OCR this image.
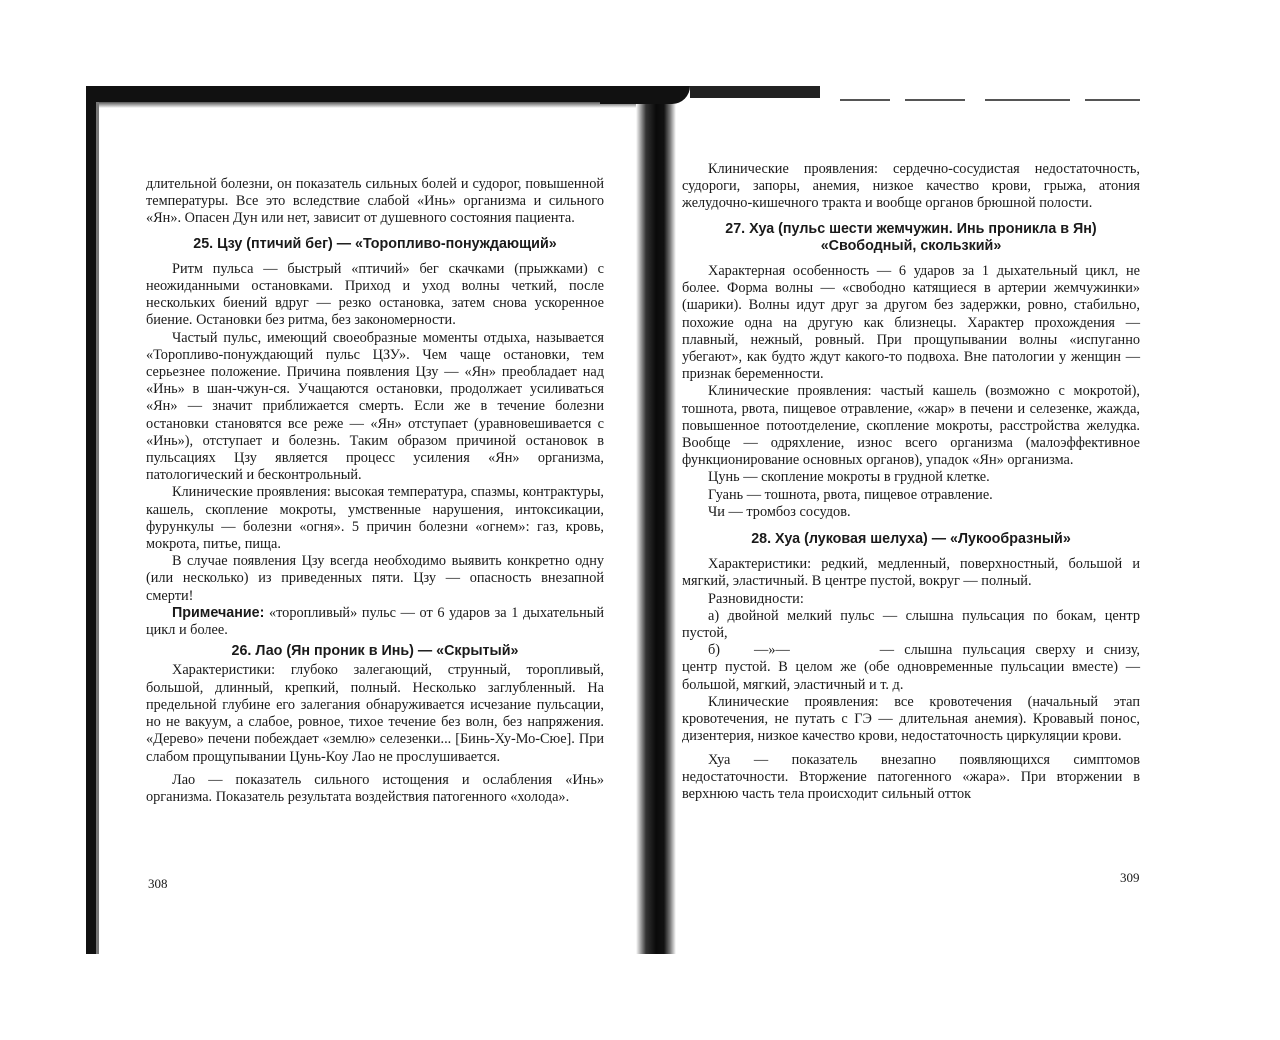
длительной болезни, он показатель сильных болей и судорог, повышенной температуры. Все это вследствие слабой «Инь» организма и сильного «Ян». Опасен Дун или нет, зависит от душевного состояния пациента.

25. Цзу (птичий бег) — «Торопливо-понуждающий»

Ритм пульса — быстрый «птичий» бег скачками (прыжками) с неожиданными остановками. Приход и уход волны четкий, после нескольких биений вдруг — резко остановка, затем снова ускоренное биение. Остановки без ритма, без закономерности.

Частый пульс, имеющий своеобразные моменты отдыха, называется «Торопливо-понуждающий пульс ЦЗУ». Чем чаще остановки, тем серьезнее положение. Причина появления Цзу — «Ян» преобладает над «Инь» в шан-чжун-ся. Учащаются остановки, продолжает усиливаться «Ян» — значит приближается смерть. Если же в течение болезни остановки становятся все реже — «Ян» отступает (уравновешивается с «Инь»), отступает и болезнь. Таким образом причиной остановок в пульсациях Цзу является процесс усиления «Ян» организма, патологический и бесконтрольный.

Клинические проявления: высокая температура, спазмы, контрактуры, кашель, скопление мокроты, умственные нарушения, интоксикации, фурункулы — болезни «огня». 5 причин болезни «огнем»: газ, кровь, мокрота, питье, пища.

В случае появления Цзу всегда необходимо выявить конкретно одну (или несколько) из приведенных пяти. Цзу — опасность внезапной смерти!

Примечание: «торопливый» пульс — от 6 ударов за 1 дыхательный цикл и более.

26. Лао (Ян проник в Инь) — «Скрытый»

Характеристики: глубоко залегающий, струнный, торопливый, большой, длинный, крепкий, полный. Несколько заглубленный. На предельной глубине его залегания обнаруживается исчезание пульсации, но не вакуум, а слабое, ровное, тихое течение без волн, без напряжения. «Дерево» печени побеждает «землю» селезенки... [Бинь-Ху-Мо-Сюе]. При слабом прощупывании Цунь-Коу Лао не прослушивается.

Лао — показатель сильного истощения и ослабления «Инь» организма. Показатель результата воздействия патогенного «холода».

308

Клинические проявления: сердечно-сосудистая недостаточность, судороги, запоры, анемия, низкое качество крови, грыжа, атония желудочно-кишечного тракта и вообще органов брюшной полости.

27. Хуа (пульс шести жемчужин. Инь проникла в Ян)
«Свободный, скользкий»

Характерная особенность — 6 ударов за 1 дыхательный цикл, не более. Форма волны — «свободно катящиеся в артерии жемчужинки» (шарики). Волны идут друг за другом без задержки, ровно, стабильно, похожие одна на другую как близнецы. Характер прохождения — плавный, нежный, ровный. При прощупывании волны «испуганно убегают», как будто ждут какого-то подвоха. Вне патологии у женщин — признак беременности.

Клинические проявления: частый кашель (возможно с мокротой), тошнота, рвота, пищевое отравление, «жар» в печени и селезенке, жажда, повышенное потоотделение, скопление мокроты, расстройства желудка. Вообще — одряхление, износ всего организма (малоэффективное функционирование основных органов), упадок «Ян» организма.

Цунь — скопление мокроты в грудной клетке.

Гуань — тошнота, рвота, пищевое отравление.

Чи — тромбоз сосудов.

28. Хуа (луковая шелуха) — «Лукообразный»

Характеристики: редкий, медленный, поверхностный, большой и мягкий, эластичный. В центре пустой, вокруг — полный.

Разновидности:

а) двойной мелкий пульс — слышна пульсация по бокам, центр пустой,

б) —»—	— слышна пульсация сверху и снизу, центр пустой. В целом же (обе одновременные пульсации вместе) — большой, мягкий, эластичный и т. д.

Клинические проявления: все кровотечения (начальный этап кровотечения, не путать с ГЭ — длительная анемия). Кровавый понос, дизентерия, низкое качество крови, недостаточность циркуляции крови.

Хуа — показатель внезапно появляющихся симптомов недостаточности. Вторжение патогенного «жара». При вторжении в верхнюю часть тела происходит сильный отток

309
